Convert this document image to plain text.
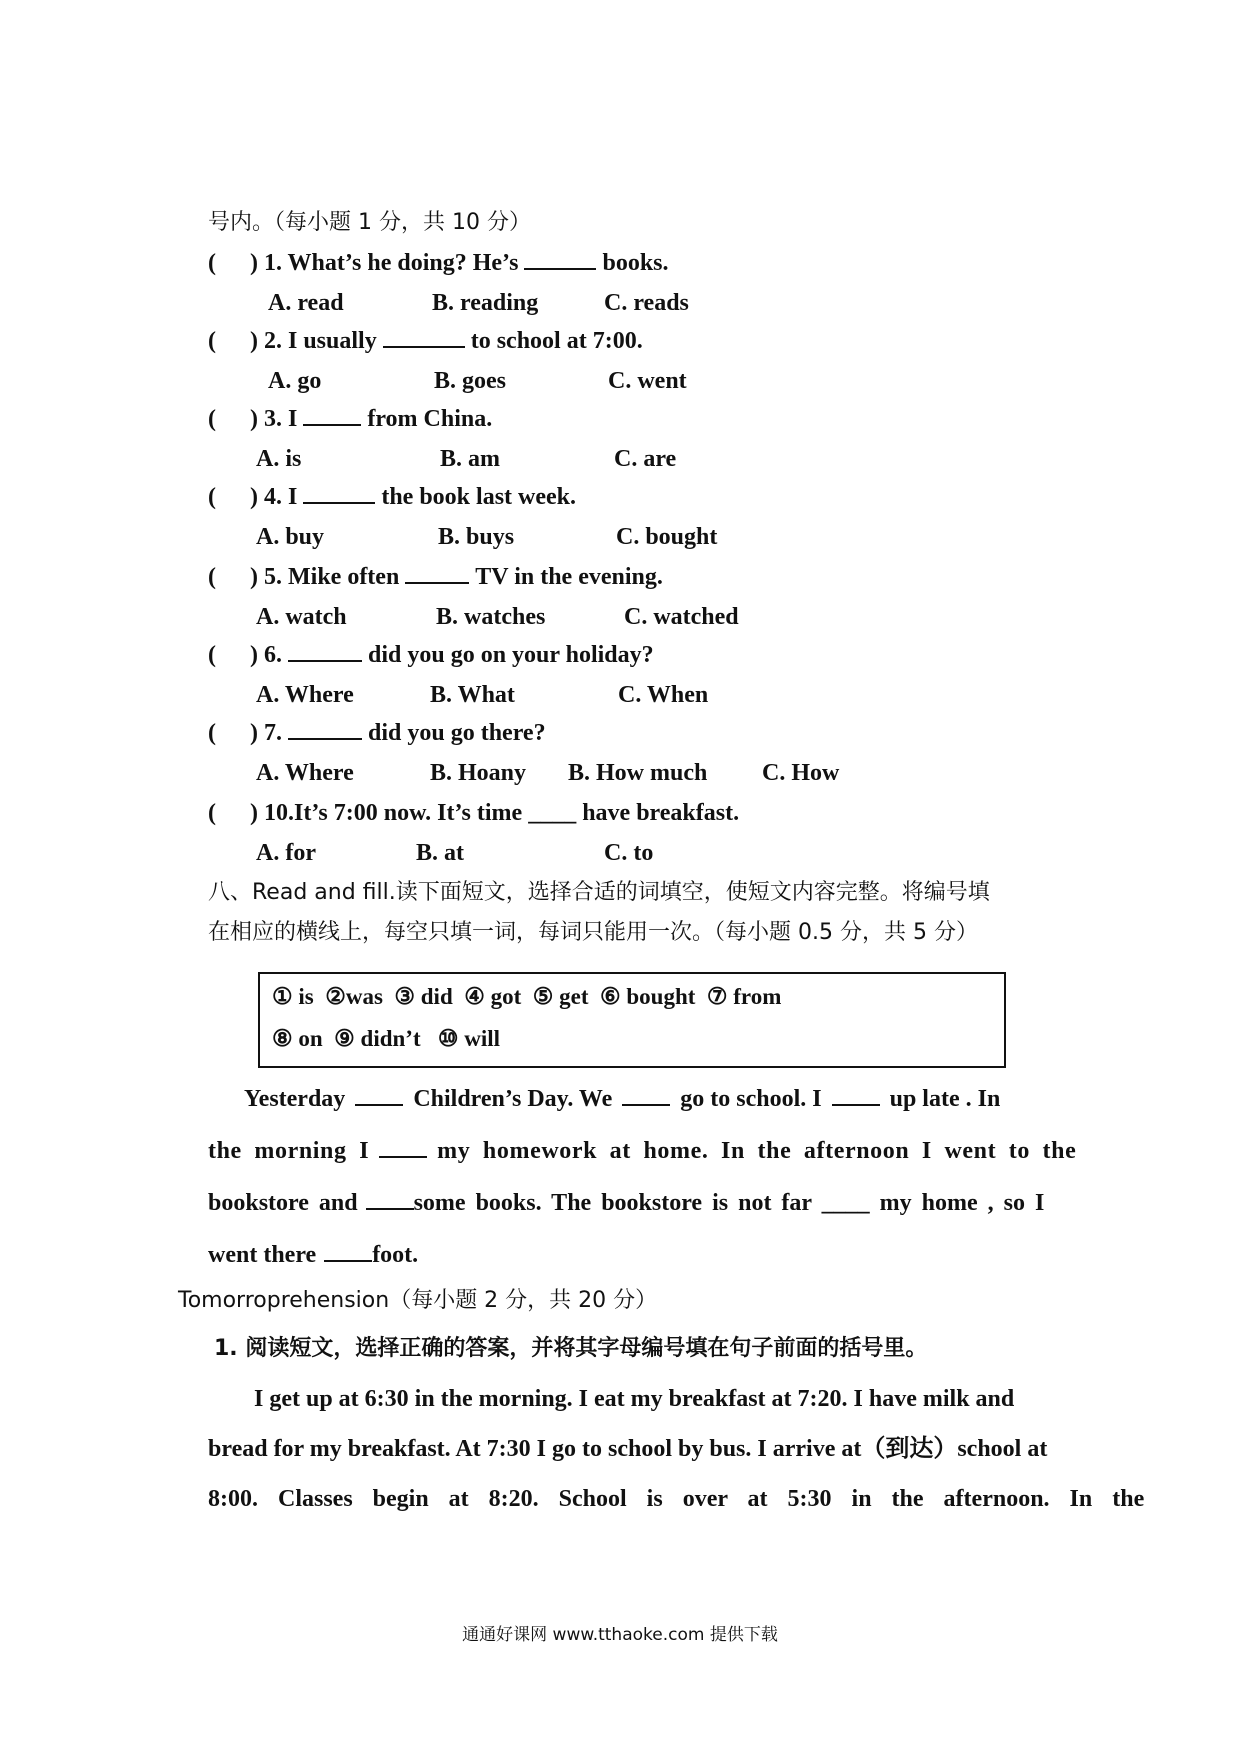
号内。（每小题 1 分，共 10 分）
( ) 1. What’s he doing? He’s	books.
A. read	B. reading	C. reads
( ) 2. I usually	to school at 7:00.
A. go	B. goes	C. went
( ) 3. I	from China.
A. is	B. am	C. are
( ) 4. I	the book last week.
A. buy	B. buys	C. bought
( ) 5. Mike often	TV in the evening.
A. watch	B. watches	C. watched
( ) 6.	did you go on your holiday?
A. Where	B. What	C. When
( ) 7.	did you go there?
A. Where	B. Hoany B. How much C. How
( ) 10.It’s 7:00 now. It’s time ____ have breakfast.
A. for	B. at	C. to
八、Read and fill.读下面短文，选择合适的词填空，使短文内容完整。将编号填
在相应的横线上，每空只填一词，每词只能用一次。（每小题 0.5 分，共 5 分）
① is  ②was  ③ did  ④ got  ⑤ get  ⑥ bought  ⑦ from
⑧ on  ⑨ didn’t   ⑩ will
Yesterday	Children’s Day. We	go to school. I	up late . In
the morning I	my homework at home. In the afternoon I went to the
bookstore and some books. The bookstore is not far ____ my home , so I
went there foot.
Tomorroprehension（每小题 2 分，共 20 分）
1. 阅读短文，选择正确的答案，并将其字母编号填在句子前面的括号里。
I get up at 6:30 in the morning. I eat my breakfast at 7:20. I have milk and
bread for my breakfast. At 7:30 I go to school by bus. I arrive at（到达）school at
8:00. Classes begin at 8:20. School is over at 5:30 in the afternoon. In the
通通好课网 www.tthaoke.com 提供下载
